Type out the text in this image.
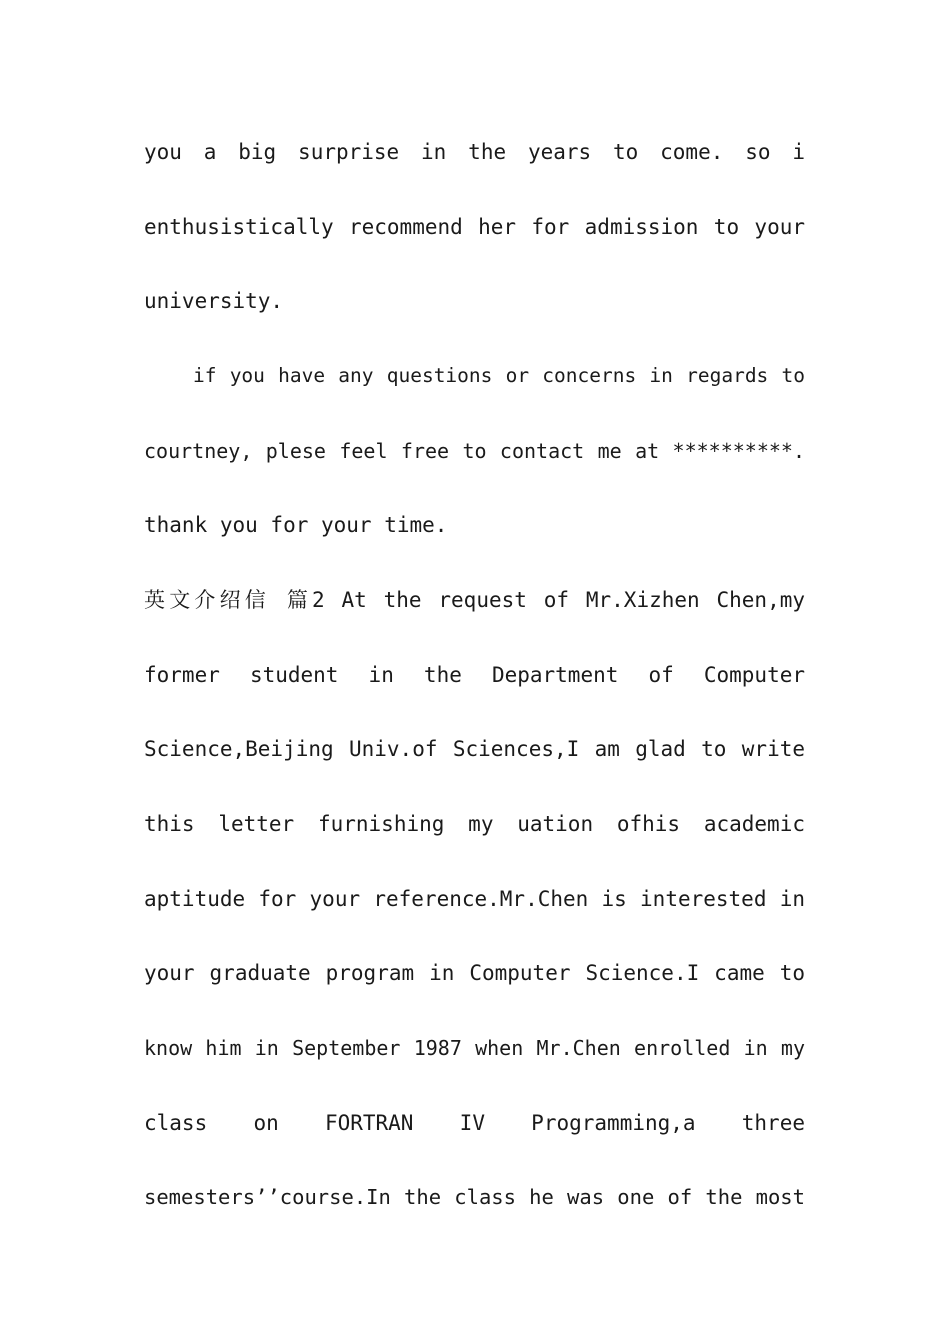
you a big surprise in the years to come. so i
enthusistically recommend her for admission to your
university.
if you have any questions or concerns in regards to
courtney, plese feel free to contact me at **********.
thank you for your time.
英文介绍信 篇2 At the request of Mr.Xizhen Chen,my
former student in the Department of Computer
Science,Beijing Univ.of Sciences,I am glad to write
this letter furnishing my uation ofhis academic
aptitude for your reference.Mr.Chen is interested in
your graduate program in Computer Science.I came to
know him in September 1987 when Mr.Chen enrolled in my
class on FORTRAN IV Programming,a three
semesters’’course.In the class he was one of the most
